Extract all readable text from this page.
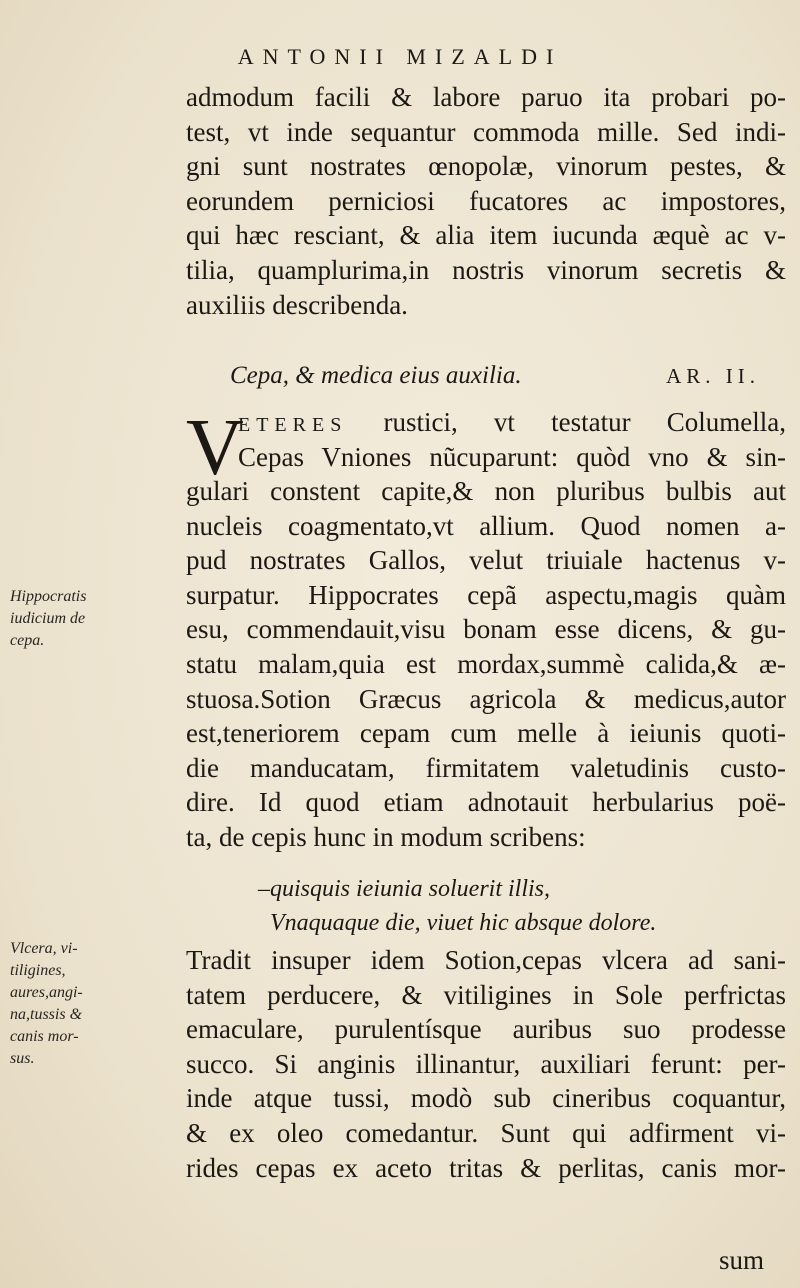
ANTONII MIZALDI
admodum facili & labore paruo ita probari po-
test, vt inde sequantur commoda mille. Sed indi-
gni sunt nostrates œnopolæ, vinorum pestes, &
eorundem perniciosi fucatores ac impostores,
qui hæc resciant, & alia item iucunda æquè ac v-
tilia, quamplurima,in nostris vinorum secretis &
auxiliis describenda.
Cepa, & medica eius auxilia.	AR. II.
V
ETERES rustici, vt testatur Columella,
Cepas Vniones nũcuparunt: quòd vno & sin-
gulari constent capite,& non pluribus bulbis aut
nucleis coagmentato,vt allium. Quod nomen a-
pud nostrates Gallos, velut triuiale hactenus v-
surpatur. Hippocrates cepã aspectu,magis quàm
esu, commendauit,visu bonam esse dicens, & gu-
statu malam,quia est mordax,summè calida,& æ-
stuosa.Sotion Græcus agricola & medicus,autor
est,teneriorem cepam cum melle à ieiunis quoti-
die manducatam, firmitatem valetudinis custo-
dire. Id quod etiam adnotauit herbularius poë-
ta, de cepis hunc in modum scribens:
–quisquis ieiunia soluerit illis,
Vnaquaque die, viuet hic absque dolore.
Tradit insuper idem Sotion,cepas vlcera ad sani-
tatem perducere, & vitiligines in Sole perfrictas
emaculare, purulentísque auribus suo prodesse
succo. Si anginis illinantur, auxiliari ferunt: per-
inde atque tussi, modò sub cineribus coquantur,
& ex oleo comedantur. Sunt qui adfirment vi-
rides cepas ex aceto tritas & perlitas, canis mor-
sum
Hippocratis
iudicium de
cepa.
Vlcera, vi-
tiligines,
aures,angi-
na,tussis &
canis mor-
sus.
